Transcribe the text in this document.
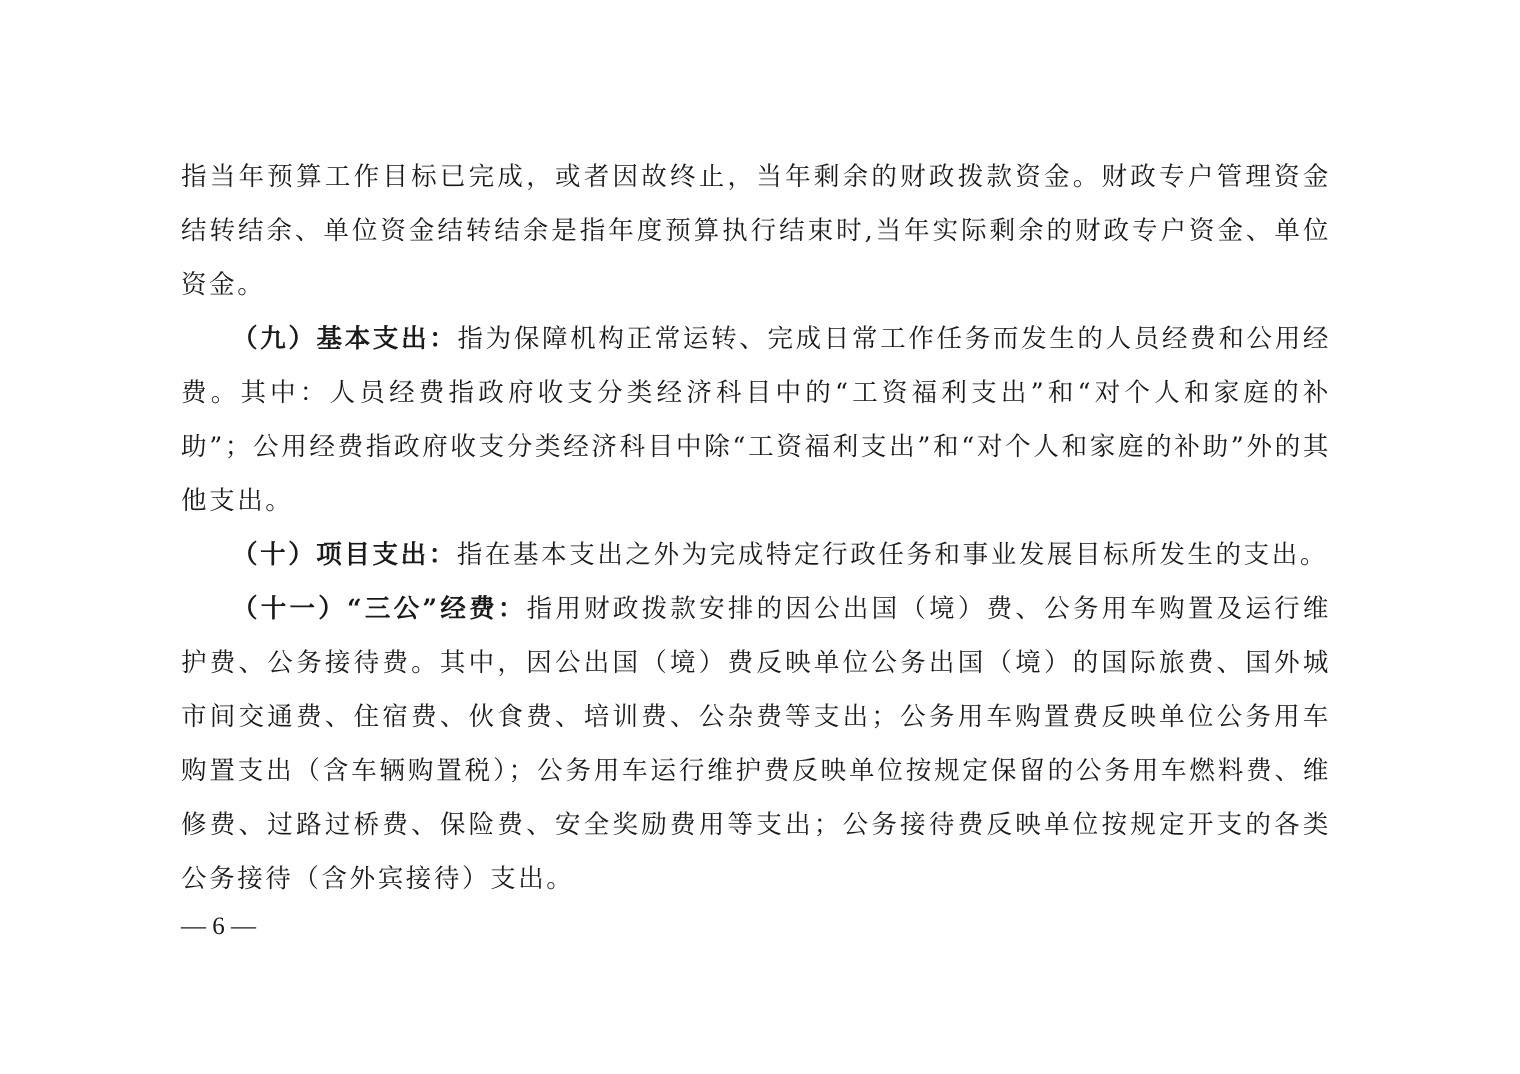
指当年预算工作目标已完成，或者因故终止，当年剩余的财政拨款资金。财政专户管理资金结转结余、单位资金结转结余是指年度预算执行结束时,当年实际剩余的财政专户资金、单位资金。

（九）基本支出：指为保障机构正常运转、完成日常工作任务而发生的人员经费和公用经费。其中：人员经费指政府收支分类经济科目中的“工资福利支出”和“对个人和家庭的补助”；公用经费指政府收支分类经济科目中除“工资福利支出”和“对个人和家庭的补助”外的其他支出。

（十）项目支出：指在基本支出之外为完成特定行政任务和事业发展目标所发生的支出。

（十一）“三公”经费：指用财政拨款安排的因公出国（境）费、公务用车购置及运行维护费、公务接待费。其中，因公出国（境）费反映单位公务出国（境）的国际旅费、国外城市间交通费、住宿费、伙食费、培训费、公杂费等支出；公务用车购置费反映单位公务用车购置支出（含车辆购置税）；公务用车运行维护费反映单位按规定保留的公务用车燃料费、维修费、过路过桥费、保险费、安全奖励费用等支出；公务接待费反映单位按规定开支的各类公务接待（含外宾接待）支出。

— 6 —
